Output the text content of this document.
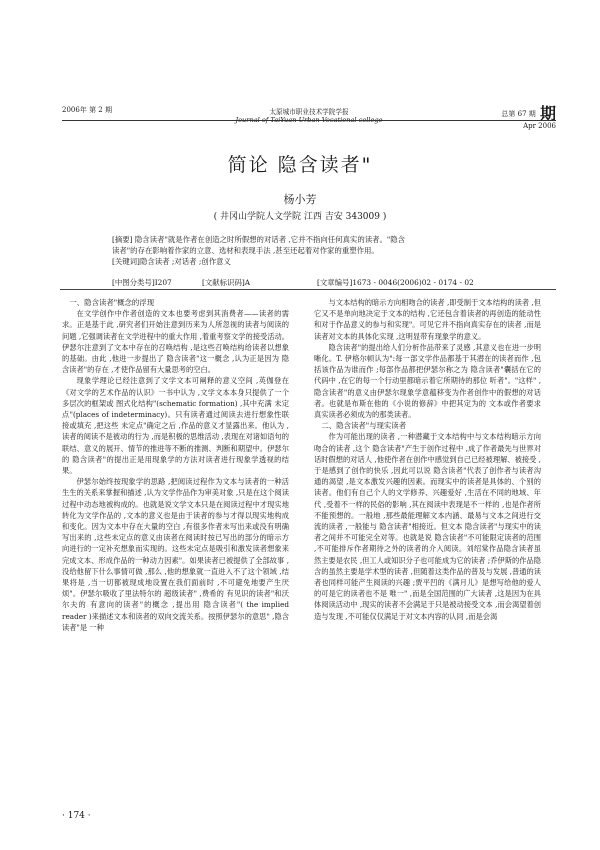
2006年 第 2 期	太原城市职业技术学院学报
Journal of TaiYuan Urban Vocational college
总第 67 期 期
Apr 2006
简论 隐含读者"
杨小芳
( 井冈山学院人文学院 江西 吉安 343009 )
[摘要] 隐含读者"就是作者在创造之时所假想的对话者 ,它并不指向任何真实的读者。"隐含
读者"的存在影响着作家的立意、选材和表现手法 ,甚至还起着对作家的重塑作用。
[关键词]隐含读者 ;对话者 ;创作意义
[中图分类号]I207	[文献标识码]A	[文章编号]1673 - 0046(2006)02 - 0174 - 02
一、隐含读者"概念的浮现

在文学创作中作者创造的文本也要考虑到其消费者——读者的需求。正是基于此 ,研究者们开始注意到历来为人所忽视的读者与阅读的问题 ,它强调读者在文学进程中的重大作用 ,着重考察文学的接受活动。伊瑟尔注意到了文本中存在的召唤结构 ,是这些召唤结构给读者以想象的基础。由此 ,他进一步提出了 隐含读者"这一概念 ,认为正是因为 隐含读者"的存在 ,才使作品留有大量思考的空白。

现象学理论已经注意到了文学文本可阐释的意义空间 ,英伽登在《对文学的艺术作品的认识》一书中认为 ,文学文本本身只提供了一个多层次的框架或 图式化结构"(schematic formation) ,其中充满 未定点"(places of indeterminacy)。只有读者通过阅读去进行想象性联接或填充 ,把这些 未定点"确定之后 ,作品的意义才显露出来。他认为 ,读者的阅读不是被动的行为 ,而是积极的思维活动 ,表现在对诸如语句的联结、意义的展开、情节的推进等不断的推测、判断和期望中。伊瑟尔的 隐含读者"的提出正是用现象学的方法对读者进行现象学透视的结果。

伊瑟尔始终按现象学的思路 ,把阅读过程作为文本与读者的一种活生生的关系来掌握和描述 ,认为文学作品作为审美对象 ,只是在这个阅读过程中动态地被构成的。也就是说文学文本只是在阅读过程中才现实地转化为文学作品的 ,文本的意义也是由于读者的参与才得以现实地构成和变化。因为文本中存在大量的空白 ,有很多作者未写出来或没有明确写出来的 ,这些未定点的意义由读者在阅读时按已写出的部分的暗示方向进行的一定补充想象而实现的。这些未定点是吸引和激发读者想象来完成文本、形成作品的一种动力因素"。如果读者已被提供了全部故事 ,没给他留下什么事情可做 ,那么 ,他的想象就一直进入不了这个领域 ,结果将是 ,当一切都被现成地设置在我们面前时 ,不可避免地要产生厌烦"。伊瑟尔吸收了里法特尔的 超级读者" ,费希的 有见识的读者"和沃尔夫的 有意向的读者"的概念 ,提出用 隐含读者"( the implied reader )来描述文本和读者的双向交流关系。按照伊瑟尔的意思" ,隐含读者"是 一种

与文本结构的暗示方向相吻合的读者 ,即受制于文本结构的读者 ,但它又不是单向地决定于文本的结构 ,它还包含着读者的再创造的能动性和对于作品意义的参与和实现"。可见它并不指向真实存在的读者 ,而是读者对文本的具体化实现 ,这明显带有现象学的意义。

隐含读者"的提出给人们分析作品带来了灵感 ,其意义也在进一步明晰化。T. 伊格尔顿认为":每一部文学作品都基于其潜在的读者而作 ,包括该作品为谁而作 ;每部作品都把伊瑟尔称之为 隐含读者"囊括在它的代码中 ,在它的每一个行动里都暗示着它所期待的那位 听者"。"这样" ,隐含读者"的意义由伊瑟尔现象学意蕴移变为作者创作中的假想的对话者。也就是布斯在他的《小说的修辞》中把其定为的 文本或作者要求真实读者必须成为的那类读者。

二、隐含读者"与现实读者

作为可能出现的读者 ,一种潜藏于文本结构中与文本结构暗示方向吻合的读者 ,这个 隐含读者"产生于创作过程中 ,成了作者最先与世界对话时假想的对话人 ,他使作者在创作中感觉到自己已经被理解、被接受 ,于是感到了创作的快乐 ,因此可以说 隐含读者"代表了创作者与读者沟通的渴望 ,是文本激发兴趣的因素。而现实中的读者是具体的、个别的读者。他们有自己个人的文学修养、兴趣爱好 ,生活在不同的地域、年代 ,受着不一样的民俗的影响 ,其在阅读中表现是不一样的 ,也是作者所不能预想的。一般地 ,那些最能理解文本内涵、最易与文本之间进行交流的读者 ,一般能与 隐含读者"相接近。但文本 隐含读者"与现实中的读者之间并不可能完全对等。也就是说 隐含读者"不可能限定读者的范围 ,不可能排斥作者期待之外的读者的介入阅读。刘绍棠作品隐含读者虽然主要是农民 ,但工人或知识分子也可能成为它的读者 ;乔伊斯的作品隐含的虽然主要是学术型的读者 ,但随着这类作品的普及与发展 ,普通的读者也同样可能产生阅读的兴趣 ;贾平凹的《满月儿》是想写给他的爱人的可是它的读者也不是 唯一" ,而是全国范围的广大读者 ,这是因为在具体阅读活动中 ,现实的读者不会满足于只是被动接受文本 ,而会渴望着创造与发现 ,不可能仅仅满足于对文本内容的认同 ,而是会渴

· 174 ·
